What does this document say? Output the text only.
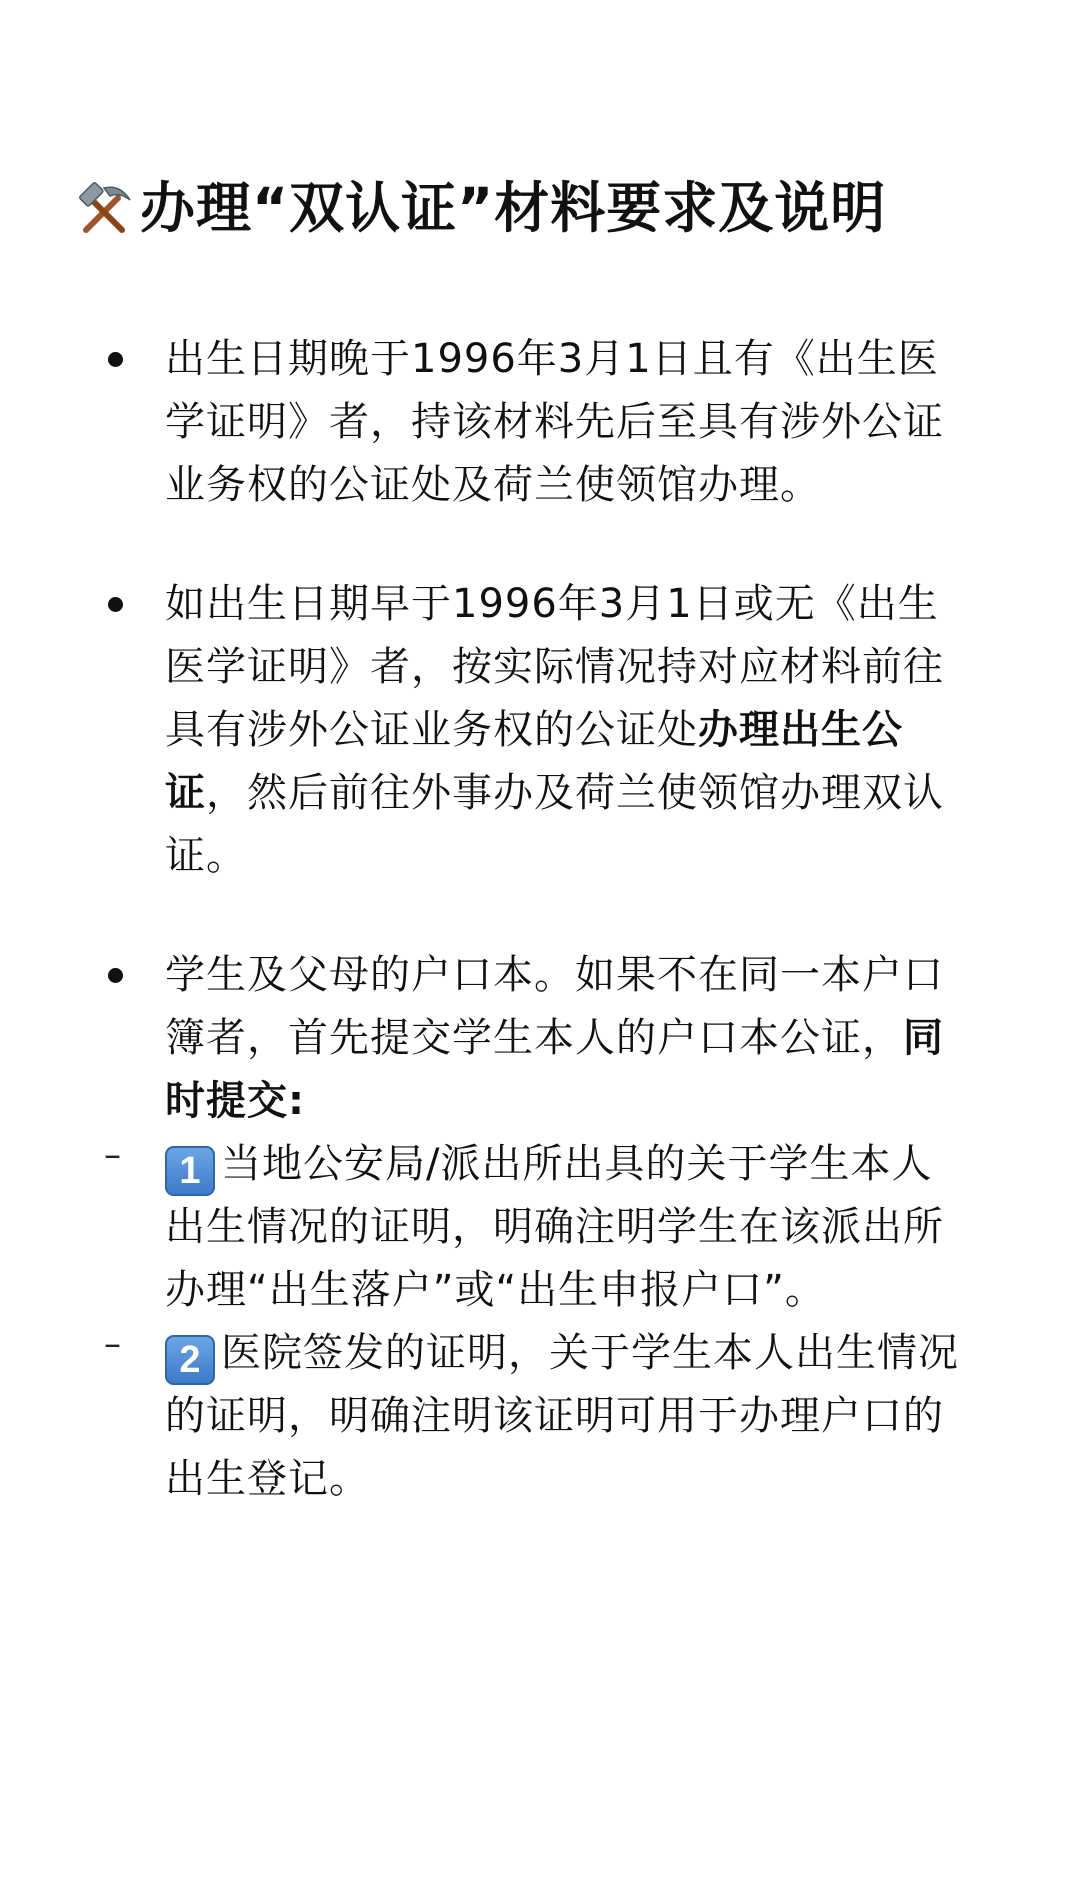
办理“双认证”材料要求及说明

出生日期晚于1996年3月1日且有《出生医

学证明》者，持该材料先后至具有涉外公证

业务权的公证处及荷兰使领馆办理。

如出生日期早于1996年3月1日或无《出生

医学证明》者，按实际情况持对应材料前往

具有涉外公证业务权的公证处办理出生公

证，然后前往外事办及荷兰使领馆办理双认

证。

学生及父母的户口本。如果不在同一本户口

簿者，首先提交学生本人的户口本公证，同

时提交:

–	1 当地公安局/派出所出具的关于学生本人

出生情况的证明，明确注明学生在该派出所

办理“出生落户”或“出生申报户口”。

–	2 医院签发的证明，关于学生本人出生情况

的证明，明确注明该证明可用于办理户口的

出生登记。
